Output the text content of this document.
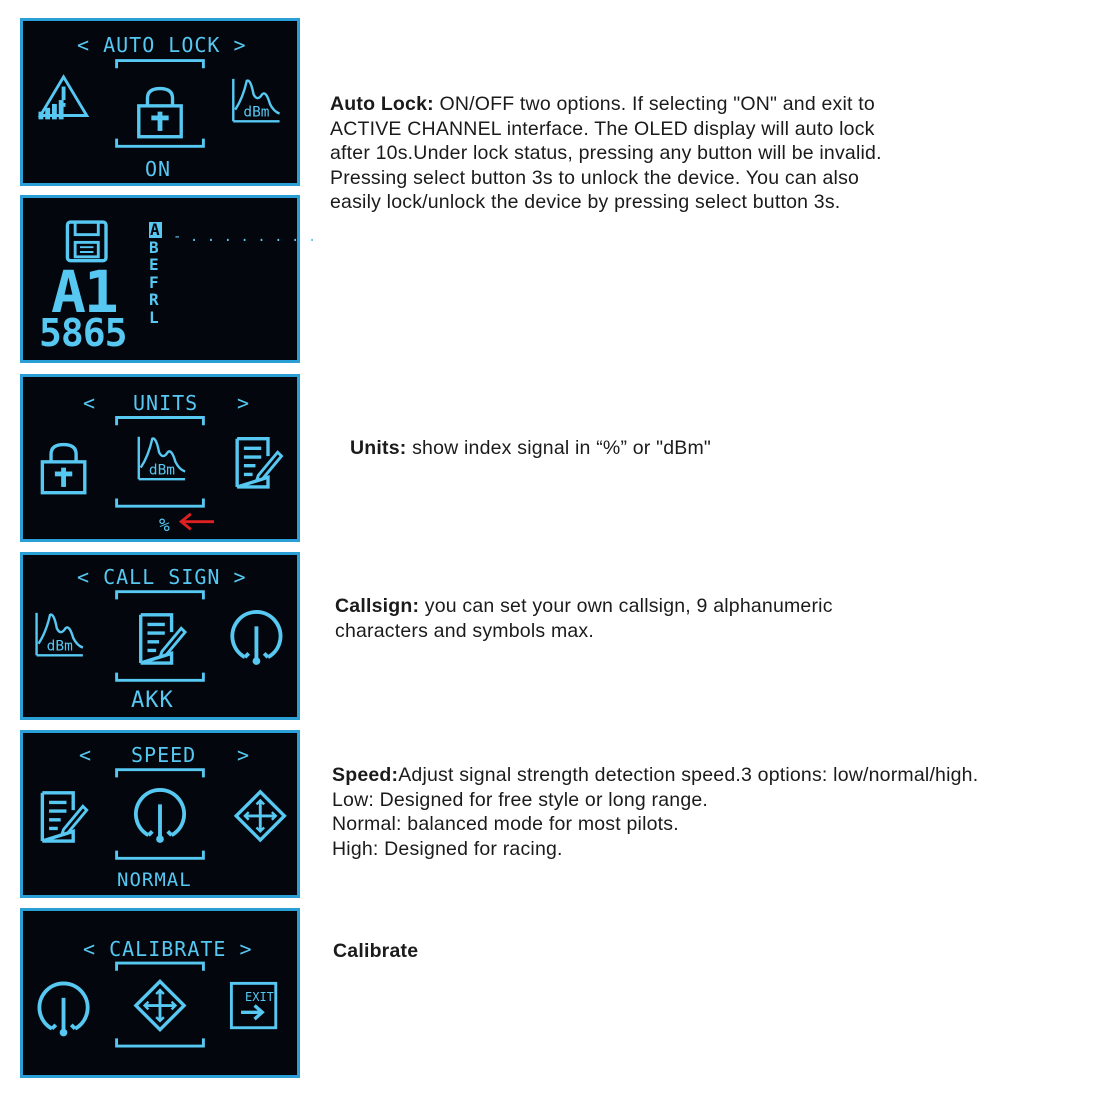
< AUTO LOCK >
ON
A1
5865
A
B
E
F
R
L
- . . . . . . . .
< UNITS >
%
< CALL SIGN >
AKK
< SPEED >
NORMAL
< CALIBRATE >
EXIT
Auto Lock: ON/OFF two options. If selecting "ON" and exit to
ACTIVE CHANNEL interface. The OLED display will auto lock
after 10s.Under lock status, pressing any button will be invalid.
Pressing select button 3s to unlock the device. You can also
easily lock/unlock the device by pressing select button 3s.
Units: show index signal in “%” or "dBm"
Callsign: you can set your own callsign, 9 alphanumeric
characters and symbols max.
Speed:Adjust signal strength detection speed.3 options: low/normal/high.
Low: Designed for free style or long range.
Normal: balanced mode for most pilots.
High: Designed for racing.
Calibrate
